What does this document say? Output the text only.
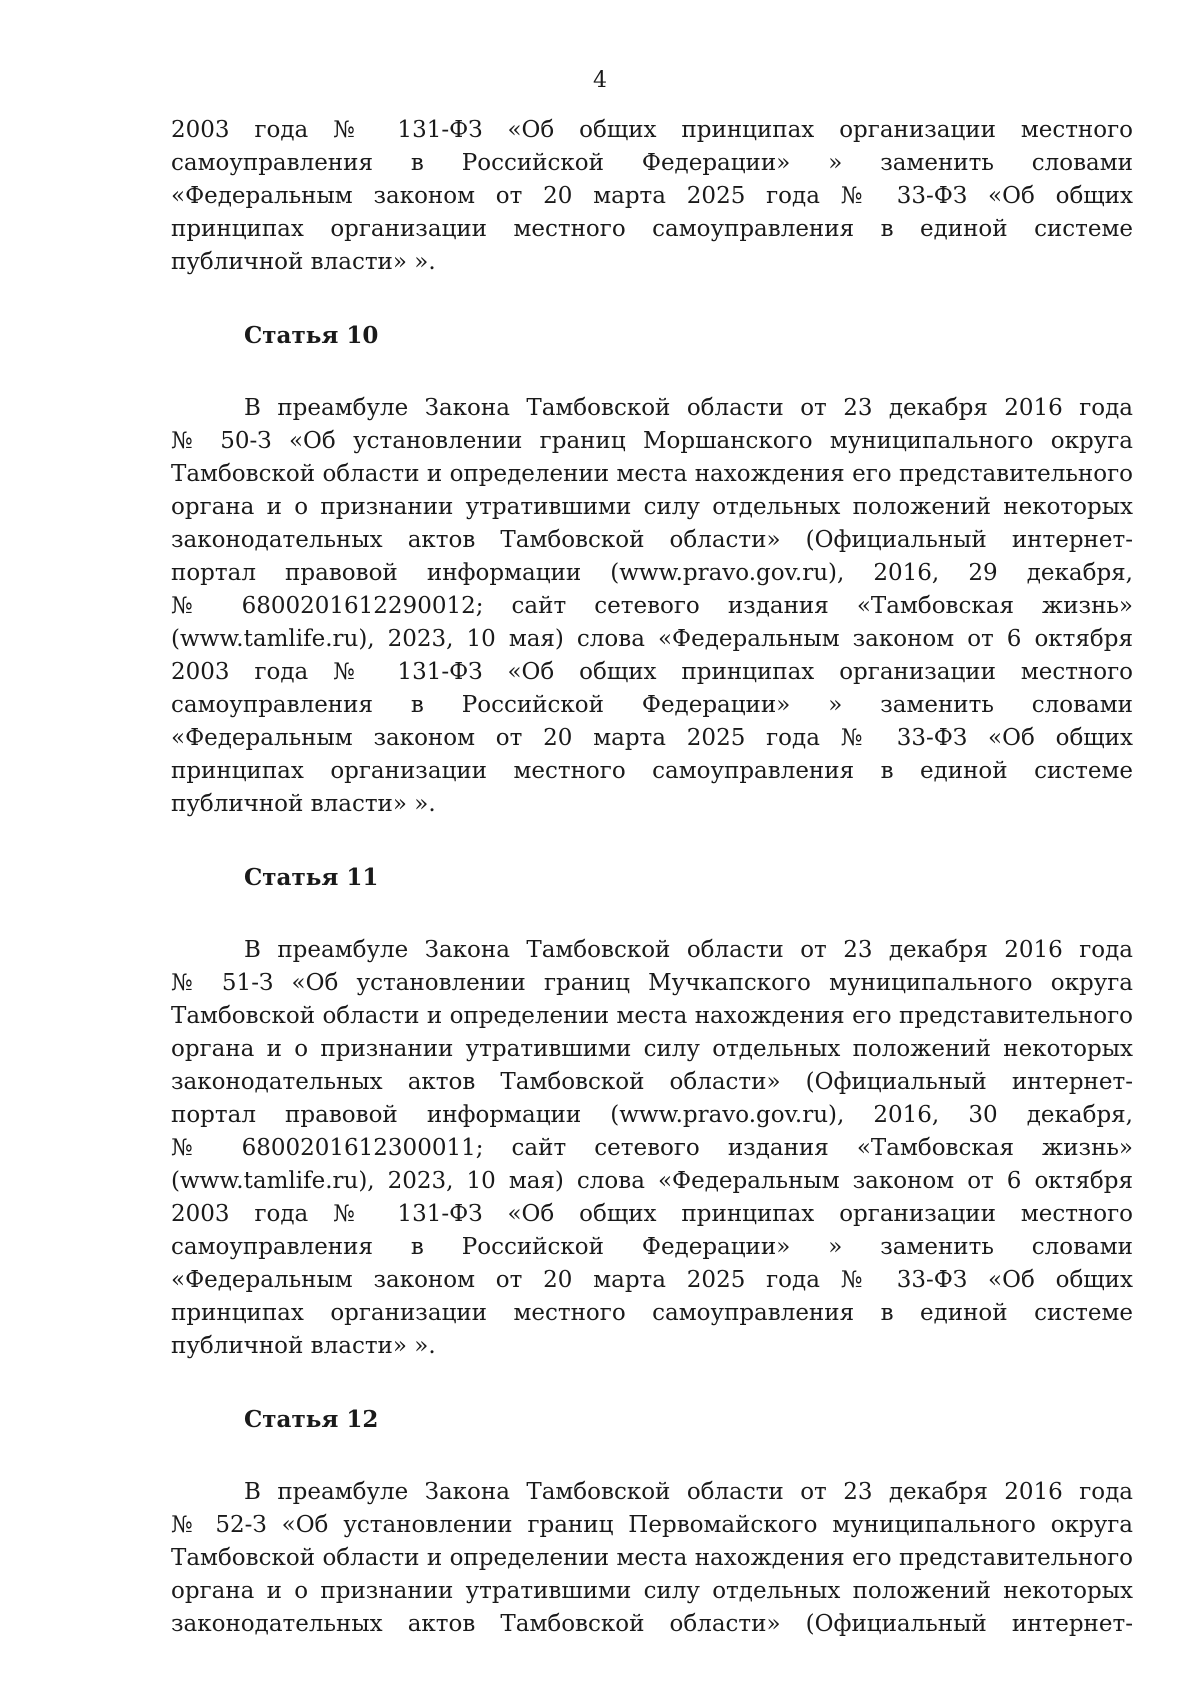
4
2003 года № 131-ФЗ «Об общих принципах организации местного
самоуправления в Российской Федерации» » заменить словами
«Федеральным законом от 20 марта 2025 года № 33-ФЗ «Об общих
принципах организации местного самоуправления в единой системе
публичной власти» ».
Статья 10
В преамбуле Закона Тамбовской области от 23 декабря 2016 года
№ 50-З «Об установлении границ Моршанского муниципального округа
Тамбовской области и определении места нахождения его представительного
органа и о признании утратившими силу отдельных положений некоторых
законодательных актов Тамбовской области» (Официальный интернет-
портал правовой информации (www.pravo.gov.ru), 2016, 29 декабря,
№ 6800201612290012; сайт сетевого издания «Тамбовская жизнь»
(www.tamlife.ru), 2023, 10 мая) слова «Федеральным законом от 6 октября
2003 года № 131-ФЗ «Об общих принципах организации местного
самоуправления в Российской Федерации» » заменить словами
«Федеральным законом от 20 марта 2025 года № 33-ФЗ «Об общих
принципах организации местного самоуправления в единой системе
публичной власти» ».
Статья 11
В преамбуле Закона Тамбовской области от 23 декабря 2016 года
№ 51-З «Об установлении границ Мучкапского муниципального округа
Тамбовской области и определении места нахождения его представительного
органа и о признании утратившими силу отдельных положений некоторых
законодательных актов Тамбовской области» (Официальный интернет-
портал правовой информации (www.pravo.gov.ru), 2016, 30 декабря,
№ 6800201612300011; сайт сетевого издания «Тамбовская жизнь»
(www.tamlife.ru), 2023, 10 мая) слова «Федеральным законом от 6 октября
2003 года № 131-ФЗ «Об общих принципах организации местного
самоуправления в Российской Федерации» » заменить словами
«Федеральным законом от 20 марта 2025 года № 33-ФЗ «Об общих
принципах организации местного самоуправления в единой системе
публичной власти» ».
Статья 12
В преамбуле Закона Тамбовской области от 23 декабря 2016 года
№ 52-З «Об установлении границ Первомайского муниципального округа
Тамбовской области и определении места нахождения его представительного
органа и о признании утратившими силу отдельных положений некоторых
законодательных актов Тамбовской области» (Официальный интернет-
